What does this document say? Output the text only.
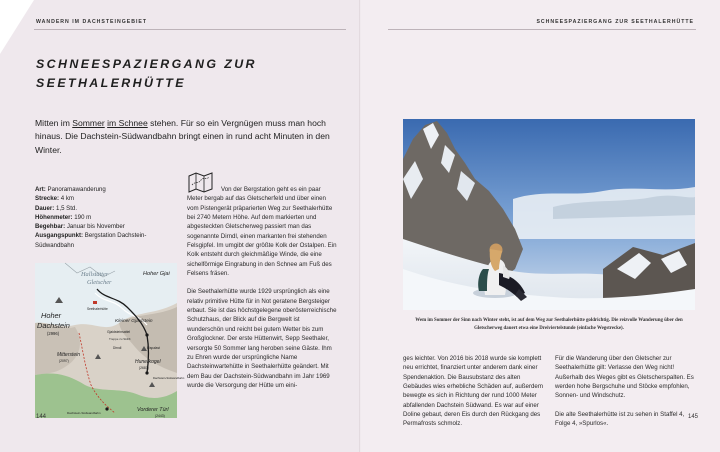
WANDERN IM DACHSTEINGEBIET	SCHNEESPAZIERGANG ZUR SEETHALERHÜTTE
SCHNEESPAZIERGANG ZUR
SEETHALERHÜTTE

Mitten im Sommer im Schnee stehen. Für so ein Vergnügen muss man hoch hinaus. Die Dachstein-Südwandbahn bringt einen in rund acht Minuten in den Winter.

Art: Panoramawanderung
Strecke: 4 km
Dauer: 1,5 Std.
Höhenmeter: 190 m
Begehbar: Januar bis November
Ausgangspunkt: Bergstation Dachstein-Südwandbahn
Hallstätter
Gletscher
Hoher Gjai
Seethalerhütte
Hoher
Dachstein
(2996)
Kleiner Gjaidstein
Gjaidsteinsattel
Treppe zu Skilift
Mitterstein
(2097)
Dirndl	Eispalast
Hunerkogel
(2687)
Dachstein-Südwandbahn
Dachstein-Südwandbahn	Vorderer Türl
(2443)

Von der Bergstation geht es ein paar Meter bergab auf das Gletscherfeld und über einen vom Pistengerät präparierten Weg zur Seethalerhütte bei 2740 Metern Höhe. Auf dem markierten und abgesteckten Gletscherweg passiert man das sogenannte Dirndl, einen markanten frei stehenden Felsgipfel. Im umgibt der größte Kolk der Ostalpen. Ein Kolk entsteht durch gleichmäßige Winde, die eine sichelförmige Eingrabung in den Schnee am Fuß des Felsens fräsen.

Die Seethalerhütte wurde 1929 ursprünglich als eine relativ primitive Hütte für in Not geratene Bergsteiger erbaut. Sie ist das höchstgelegene oberösterreichische Schutzhaus, der Blick auf die Bergwelt ist wunderschön und reicht bei gutem Wetter bis zum Großglockner. Der erste Hüttenwirt, Sepp Seethaler, versorgte 50 Sommer lang heroben seine Gäste. Ihm zu Ehren wurde der ursprüngliche Name Dachsteinwartehütte in Seethalerhütte geändert. Mit dem Bau der Dachstein-Südwandbahn im Jahr 1969 wurde die Versorgung der Hütte um eini-

Wem im Sommer der Sinn nach Winter steht, ist auf dem Weg zur Seethalerhütte goldrichtig. Die reizvolle Wanderung über den Gletscherweg dauert etwa eine Dreiviertelstunde (einfache Wegstrecke).

ges leichter. Von 2016 bis 2018 wurde sie komplett neu errichtet, finanziert unter anderem dank einer Spendenaktion. Die Bausubstanz des alten Gebäudes wies erhebliche Schäden auf, außerdem bewegte es sich in Richtung der rund 1000 Meter abfallenden Dachstein Südwand. Es war auf einer Doline gebaut, deren Eis durch den Rückgang des Permafrosts schmolz.

Für die Wanderung über den Gletscher zur Seethalerhütte gilt: Verlasse den Weg nicht! Außerhalb des Weges gibt es Gletscherspalten. Es werden hohe Bergschuhe und Stöcke empfohlen, Sonnen- und Windschutz.

Die alte Seethalerhütte ist zu sehen in Staffel 4, Folge 4, »Spurlos«.

144	145
